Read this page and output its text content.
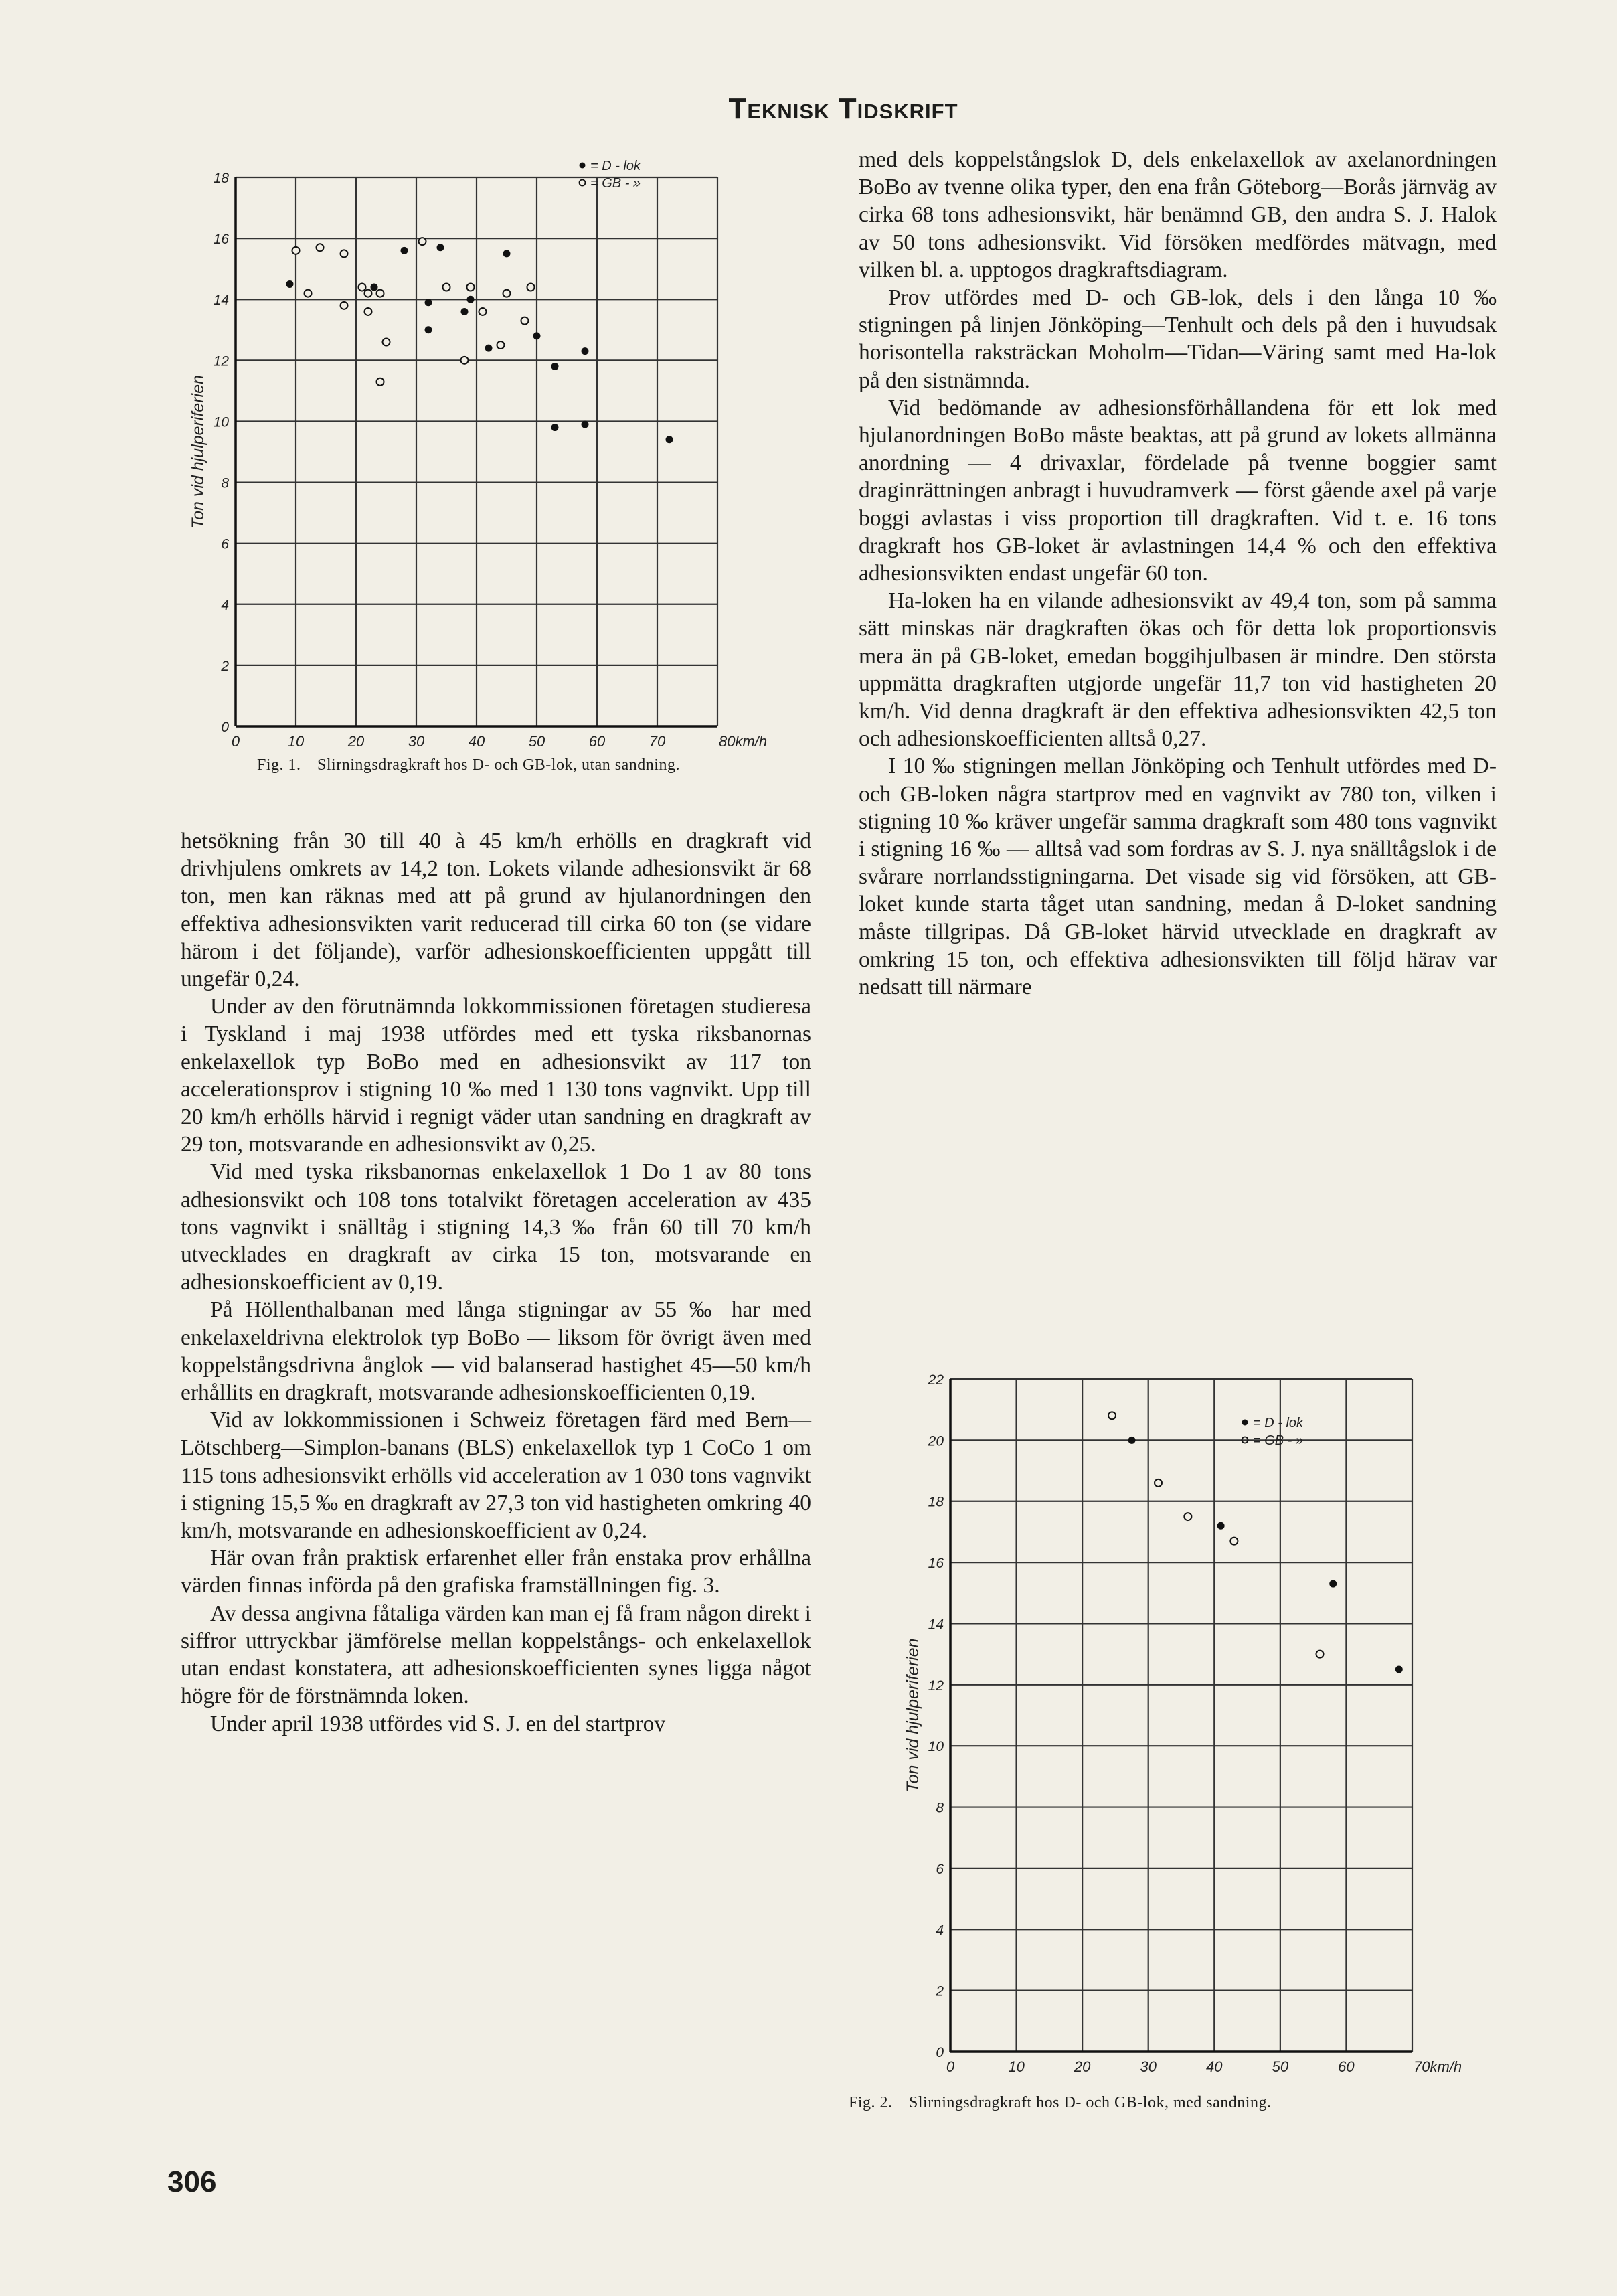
Teknisk Tidskrift
0	10	20	30	40	50	60	70	80km/h
0
2
4
6
8
10
12
14
16
18
Ton vid hjulperiferien
= D - lok
= GB - »
Fig. 1. Slirningsdragkraft hos D- och GB-lok, utan sandning.
0	10	20	30	40	50	60	70km/h
0
2
4
6
8
10
12
14
16
18
20
22
Ton vid hjulperiferien
= D - lok
= GB - »
Fig. 2. Slirningsdragkraft hos D- och GB-lok, med sandning.

hetsökning från 30 till 40 à 45 km/h erhölls en dragkraft vid drivhjulens omkrets av 14,2 ton. Lokets vilande adhesionsvikt är 68 ton, men kan räknas med att på grund av hjulanordningen den effektiva adhesionsvikten varit reducerad till cirka 60 ton (se vidare härom i det följande), varför adhesionskoefficienten uppgått till ungefär 0,24.

Under av den förutnämnda lokkommissionen företagen studieresa i Tyskland i maj 1938 utfördes med ett tyska riksbanornas enkelaxellok typ BoBo med en adhesionsvikt av 117 ton accelerationsprov i stigning 10 ‰ med 1 130 tons vagnvikt. Upp till 20 km/h erhölls härvid i regnigt väder utan sandning en dragkraft av 29 ton, motsvarande en adhesionsvikt av 0,25.

Vid med tyska riksbanornas enkelaxellok 1 Do 1 av 80 tons adhesionsvikt och 108 tons totalvikt företagen acceleration av 435 tons vagnvikt i snälltåg i stigning 14,3 ‰ från 60 till 70 km/h utvecklades en dragkraft av cirka 15 ton, motsvarande en adhesionskoefficient av 0,19.

På Höllenthalbanan med långa stigningar av 55 ‰ har med enkelaxeldrivna elektrolok typ BoBo — liksom för övrigt även med koppelstångsdrivna ånglok — vid balanserad hastighet 45—50 km/h erhållits en dragkraft, motsvarande adhesionskoefficienten 0,19.

Vid av lokkommissionen i Schweiz företagen färd med Bern—Lötschberg—Simplon-banans (BLS) enkelaxellok typ 1 CoCo 1 om 115 tons adhesionsvikt erhölls vid acceleration av 1 030 tons vagnvikt i stigning 15,5 ‰ en dragkraft av 27,3 ton vid hastigheten omkring 40 km/h, motsvarande en adhesionskoefficient av 0,24.

Här ovan från praktisk erfarenhet eller från enstaka prov erhållna värden finnas införda på den grafiska framställningen fig. 3.

Av dessa angivna fåtaliga värden kan man ej få fram någon direkt i siffror uttryckbar jämförelse mellan koppelstångs- och enkelaxellok utan endast konstatera, att adhesionskoefficienten synes ligga något högre för de förstnämnda loken.

Under april 1938 utfördes vid S. J. en del startprov

med dels koppelstångslok D, dels enkelaxellok av axelanordningen BoBo av tvenne olika typer, den ena från Göteborg—Borås järnväg av cirka 68 tons adhesionsvikt, här benämnd GB, den andra S. J. Halok av 50 tons adhesionsvikt. Vid försöken medfördes mätvagn, med vilken bl. a. upptogos dragkraftsdiagram.

Prov utfördes med D- och GB-lok, dels i den långa 10 ‰ stigningen på linjen Jönköping—Tenhult och dels på den i huvudsak horisontella raksträckan Moholm—Tidan—Väring samt med Ha-lok på den sistnämnda.

Vid bedömande av adhesionsförhållandena för ett lok med hjulanordningen BoBo måste beaktas, att på grund av lokets allmänna anordning — 4 drivaxlar, fördelade på tvenne boggier samt draginrättningen anbragt i huvudramverk — först gående axel på varje boggi avlastas i viss proportion till dragkraften. Vid t. e. 16 tons dragkraft hos GB-loket är avlastningen 14,4 % och den effektiva adhesionsvikten endast ungefär 60 ton.

Ha-loken ha en vilande adhesionsvikt av 49,4 ton, som på samma sätt minskas när dragkraften ökas och för detta lok proportionsvis mera än på GB-loket, emedan boggihjulbasen är mindre. Den största uppmätta dragkraften utgjorde ungefär 11,7 ton vid hastigheten 20 km/h. Vid denna dragkraft är den effektiva adhesionsvikten 42,5 ton och adhesionskoefficienten alltså 0,27.

I 10 ‰ stigningen mellan Jönköping och Tenhult utfördes med D- och GB-loken några startprov med en vagnvikt av 780 ton, vilken i stigning 10 ‰ kräver ungefär samma dragkraft som 480 tons vagnvikt i stigning 16 ‰ — alltså vad som fordras av S. J. nya snälltågslok i de svårare norrlandsstigningarna. Det visade sig vid försöken, att GB-loket kunde starta tåget utan sandning, medan å D-loket sandning måste tillgripas. Då GB-loket härvid utvecklade en dragkraft av omkring 15 ton, och effektiva adhesionsvikten till följd härav var nedsatt till närmare

306
